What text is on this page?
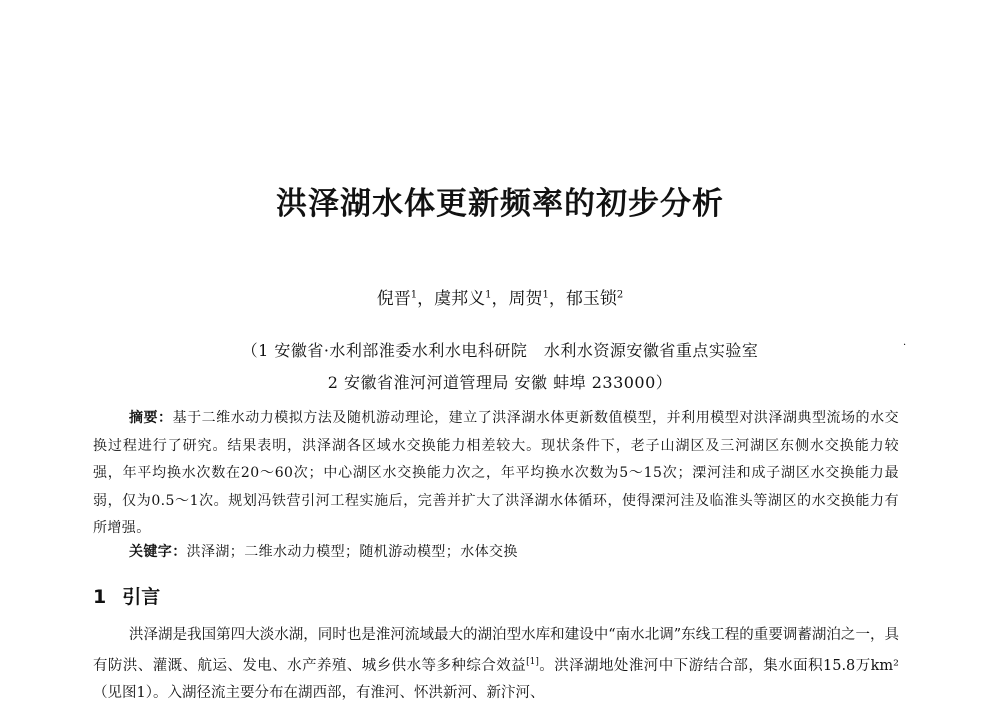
洪泽湖水体更新频率的初步分析
倪晋$^1$，虞邦义$^1$，周贺$^1$，郁玉锁$^2$
（1 安徽省·水利部淮委水利水电科研院　水利水资源安徽省重点实验室	·
2 安徽省淮河河道管理局 安徽 蚌埠 233000）
摘要：基于二维水动力模拟方法及随机游动理论，建立了洪泽湖水体更新数值模型，并利用模型对洪泽湖典型流场的水交换过程进行了研究。结果表明，洪泽湖各区域水交换能力相差较大。现状条件下，老子山湖区及三河湖区东侧水交换能力较强，年平均换水次数在20～60次；中心湖区水交换能力次之，年平均换水次数为5～15次；溧河洼和成子湖区水交换能力最弱，仅为0.5～1次。规划冯铁营引河工程实施后，完善并扩大了洪泽湖水体循环，使得溧河洼及临淮头等湖区的水交换能力有所增强。
关键字：洪泽湖；二维水动力模型；随机游动模型；水体交换
1 引言
洪泽湖是我国第四大淡水湖，同时也是淮河流域最大的湖泊型水库和建设中“南水北调”东线工程的重要调蓄湖泊之一，具有防洪、灌溉、航运、发电、水产养殖、城乡供水等多种综合效益[1]。洪泽湖地处淮河中下游结合部，集水面积15.8万km²（见图1）。入湖径流主要分布在湖西部，有淮河、怀洪新河、新汴河、
